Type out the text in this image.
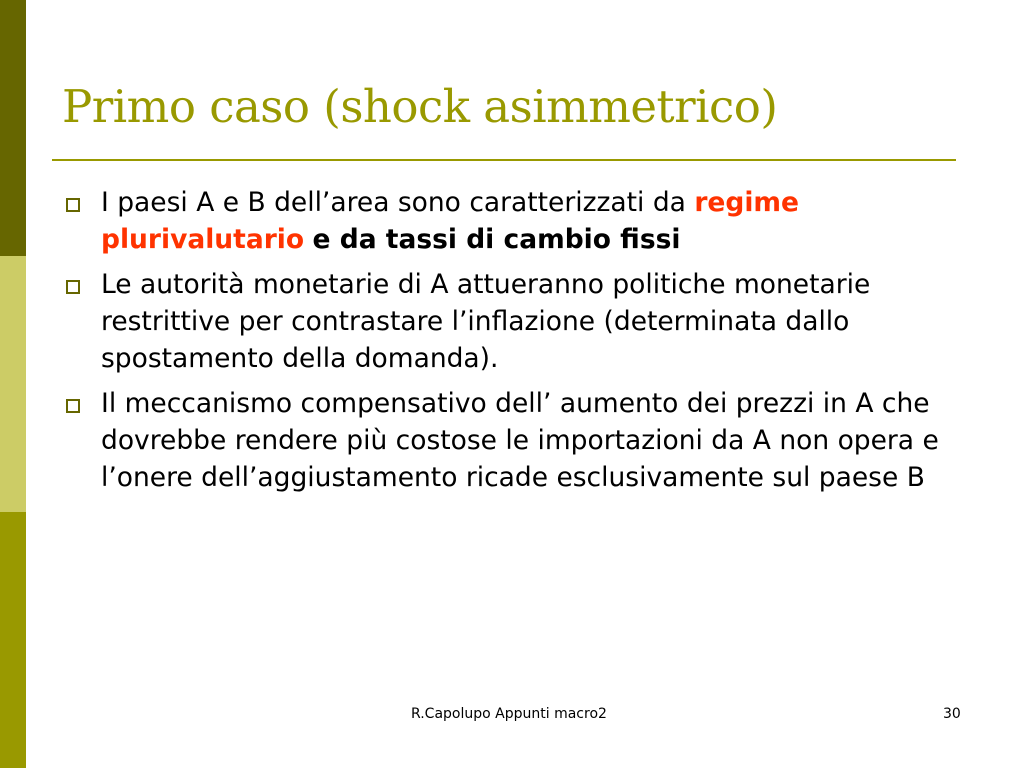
Primo caso (shock asimmetrico)
I paesi A e B dell’area sono caratterizzati da regime plurivalutario e da tassi di cambio fissi
Le autorità monetarie di A attueranno politiche monetarie restrittive per contrastare l’inflazione (determinata dallo spostamento della domanda).
Il meccanismo compensativo dell’ aumento dei prezzi in A che dovrebbe rendere più costose le importazioni da A non opera e l’onere dell’aggiustamento ricade esclusivamente sul paese B
R.Capolupo Appunti macro2	30
